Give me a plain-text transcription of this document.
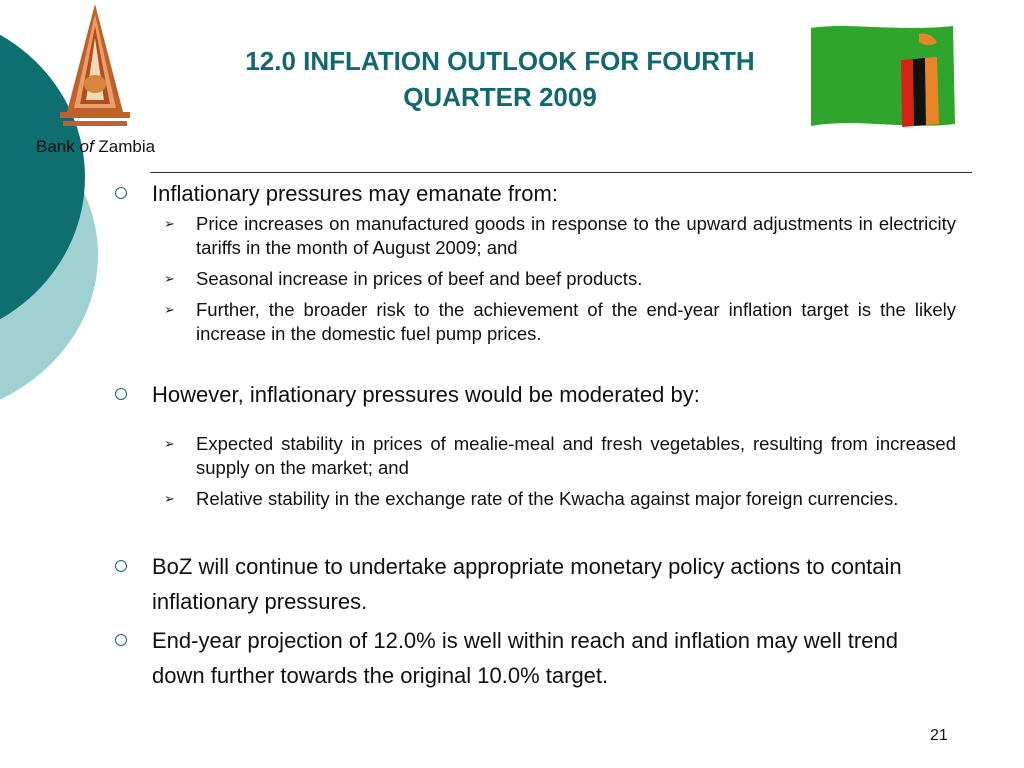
Bank of Zambia
12.0 INFLATION OUTLOOK FOR FOURTH
QUARTER 2009
Inflationary pressures may emanate from:
➢ Price increases on manufactured goods in response to the upward adjustments in electricity tariffs in the month of August 2009; and
➢ Seasonal increase in prices of beef and beef products.
➢ Further, the broader risk to the achievement of the end-year inflation target is the likely increase in the domestic fuel pump prices.
However, inflationary pressures would be moderated by:
➢ Expected stability in prices of mealie-meal and fresh vegetables, resulting from increased supply on the market; and
➢ Relative stability in the exchange rate of the Kwacha against major foreign currencies.
BoZ will continue to undertake appropriate monetary policy actions to contain inflationary pressures.
End-year projection of 12.0% is well within reach and inflation may well trend down further towards the original 10.0% target.
21
